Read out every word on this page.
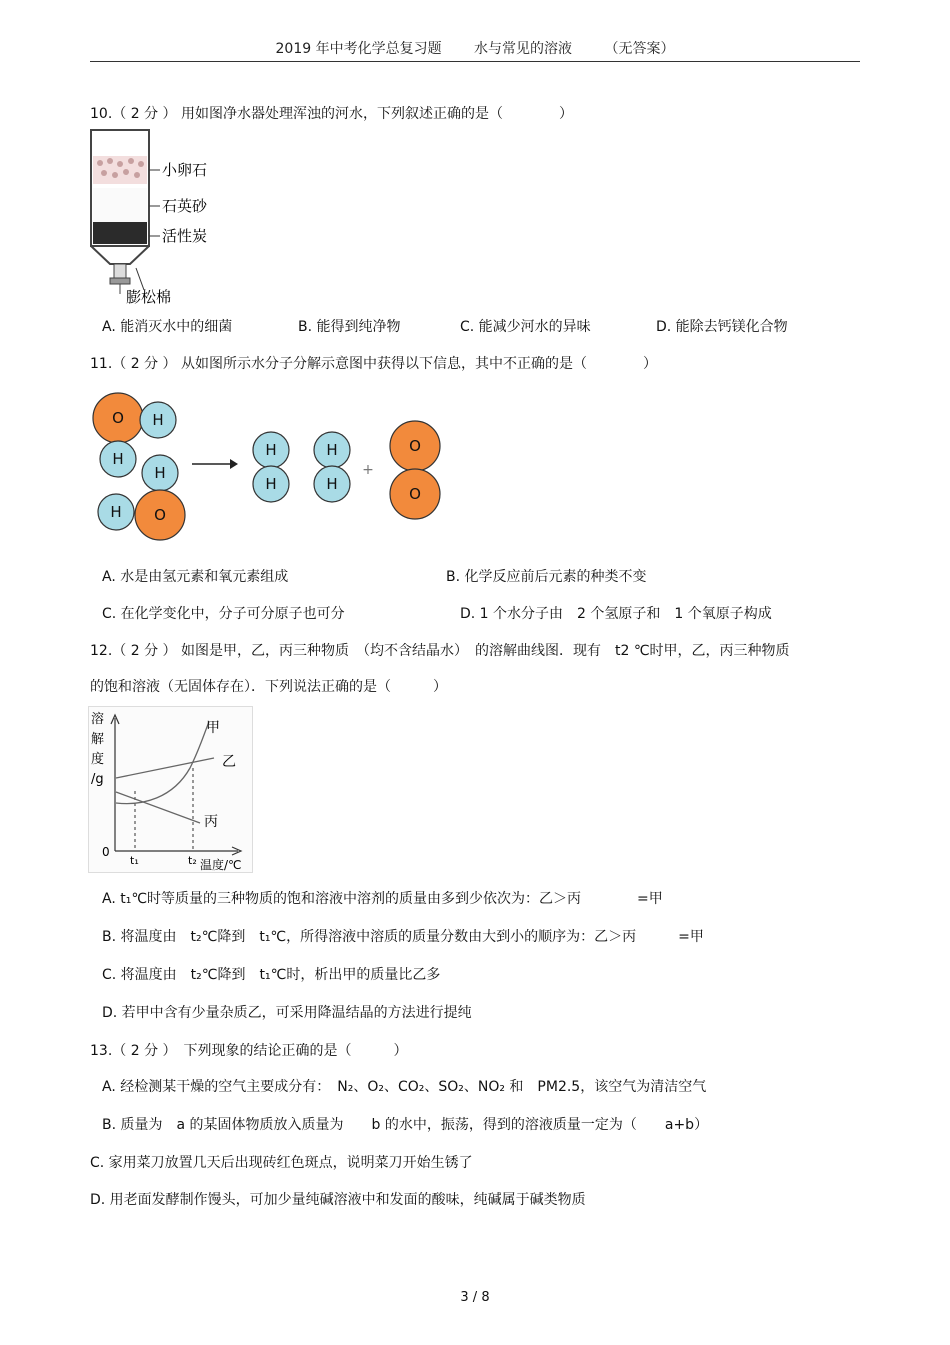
2019 年中考化学总复习题 水与常见的溶液 （无答案）
10.（ 2 分 ） 用如图净水器处理浑浊的河水，下列叙述正确的是（　　　　）
小卵石
石英砂
活性炭
膨松棉
A. 能消灭水中的细菌	B. 能得到纯净物	C. 能减少河水的异味	D. 能除去钙镁化合物
11.（ 2 分 ） 从如图所示水分子分解示意图中获得以下信息，其中不正确的是（　　　　）
O H
H
H
O
H
H
H
H
H
O
O
+
A. 水是由氢元素和氧元素组成	B. 化学反应前后元素的种类不变
C. 在化学变化中，分子可分原子也可分	D. 1 个水分子由　2 个氢原子和　1 个氧原子构成
12.（ 2 分 ） 如图是甲，乙，丙三种物质　（均不含结晶水）　的溶解曲线图．现有　t2 ℃时甲，乙，丙三种物质
的饱和溶液（无固体存在）．下列说法正确的是（　　　）
溶
解
度
/g
0
t₁	t₂ 温度/℃
甲
乙
丙
A. t₁℃时等质量的三种物质的饱和溶液中溶剂的质量由多到少依次为：乙＞丙　　　　=甲
B. 将温度由　t₂℃降到　t₁℃，所得溶液中溶质的质量分数由大到小的顺序为：乙＞丙　　　=甲
C. 将温度由　t₂℃降到　t₁℃时，析出甲的质量比乙多
D. 若甲中含有少量杂质乙，可采用降温结晶的方法进行提纯
13.（ 2 分 ）　下列现象的结论正确的是（　　　）
A. 经检测某干燥的空气主要成分有：　N₂、O₂、CO₂、SO₂、NO₂ 和　PM2.5，该空气为清洁空气
B. 质量为　a 的某固体物质放入质量为　　b 的水中，振荡，得到的溶液质量一定为（　　a+b）
C. 家用菜刀放置几天后出现砖红色斑点，说明菜刀开始生锈了
D. 用老面发酵制作馒头，可加少量纯碱溶液中和发面的酸味，纯碱属于碱类物质
3 / 8
